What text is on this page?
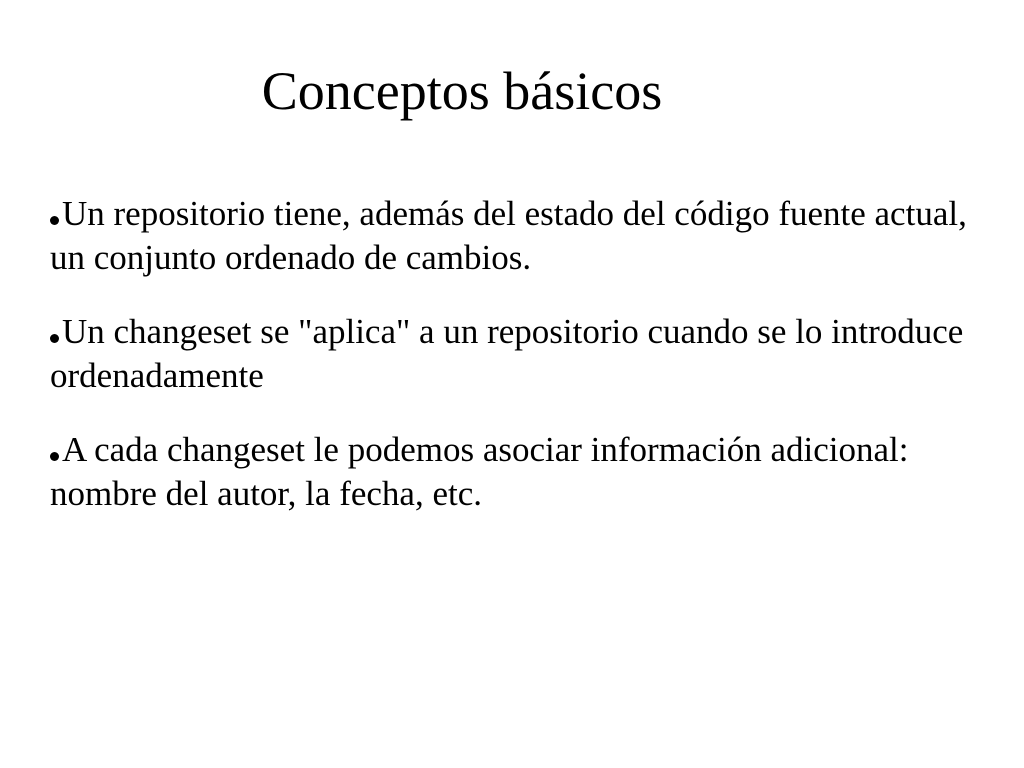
Conceptos básicos
Un repositorio tiene, además del estado del código fuente actual, un conjunto ordenado de cambios.
Un changeset se "aplica" a un repositorio cuando se lo introduce ordenadamente
A cada changeset le podemos asociar información adicional: nombre del autor, la fecha, etc.
